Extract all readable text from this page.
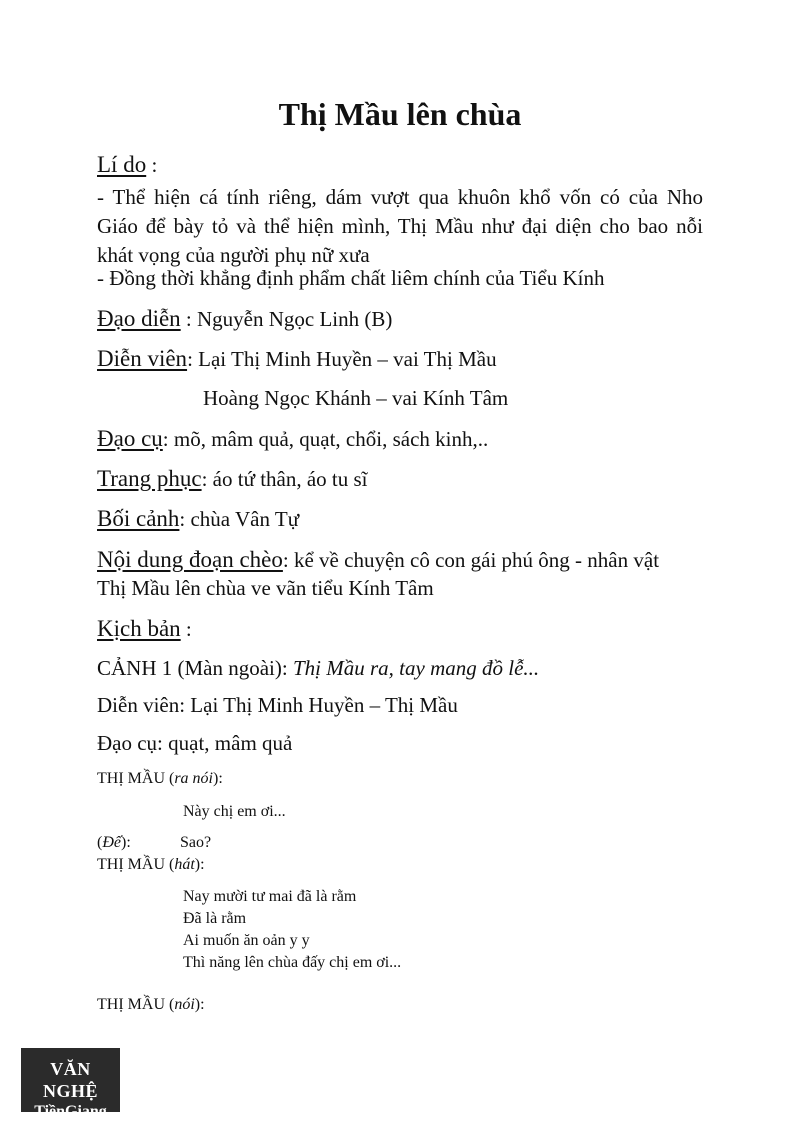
Thị Mầu lên chùa
Lí do :
- Thể hiện cá tính riêng, dám vượt qua khuôn khổ vốn có của Nho
Giáo để bày tỏ và thể hiện mình, Thị Mầu như đại diện cho bao nỗi
khát vọng của người phụ nữ xưa
- Đồng thời khẳng định phẩm chất liêm chính của Tiểu Kính
Đạo diễn : Nguyễn Ngọc Linh (B)
Diễn viên: Lại Thị Minh Huyền – vai Thị Mầu
Hoàng Ngọc Khánh – vai Kính Tâm
Đạo cụ: mõ, mâm quả, quạt, chổi, sách kinh,..
Trang phục: áo tứ thân, áo tu sĩ
Bối cảnh: chùa Vân Tự
Nội dung đoạn chèo: kể về chuyện cô con gái phú ông - nhân vật
Thị Mầu lên chùa ve vãn tiểu Kính Tâm
Kịch bản :
CẢNH 1 (Màn ngoài): Thị Mầu ra, tay mang đồ lễ...
Diễn viên: Lại Thị Minh Huyền – Thị Mầu
Đạo cụ: quạt, mâm quả
THỊ MẦU (ra nói):
Này chị em ơi...
(Đế):	Sao?
THỊ MẦU (hát):
Nay mười tư mai đã là rằm
Đã là rằm
Ai muốn ăn oản y y
Thì năng lên chùa đấy chị em ơi...
THỊ MẦU (nói):
VĂN NGHỆ
TiềnGiang
